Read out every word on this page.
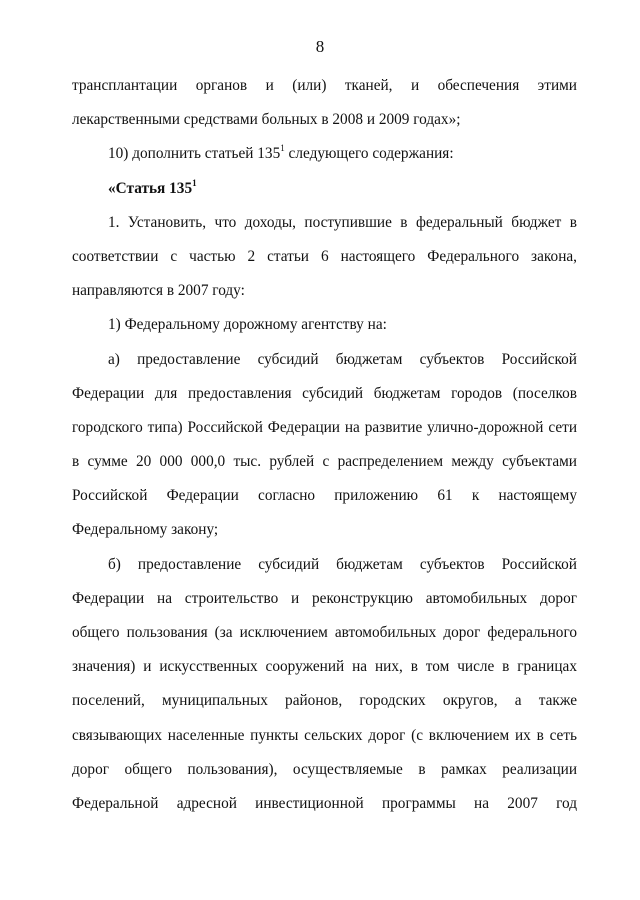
8
трансплантации органов и (или) тканей, и обеспечения этими
лекарственными средствами больных в 2008 и 2009 годах»;
10) дополнить статьей $135^1$ следующего содержания:
«Статья $135^1$
1. Установить, что доходы, поступившие в федеральный бюджет в
соответствии с частью 2 статьи 6 настоящего Федерального закона,
направляются в 2007 году:
1) Федеральному дорожному агентству на:
а) предоставление субсидий бюджетам субъектов Российской
Федерации для предоставления субсидий бюджетам городов (поселков
городского типа) Российской Федерации на развитие улично-дорожной сети
в сумме 20 000 000,0 тыс. рублей с распределением между субъектами
Российской Федерации согласно приложению 61 к настоящему
Федеральному закону;
б) предоставление субсидий бюджетам субъектов Российской
Федерации на строительство и реконструкцию автомобильных дорог
общего пользования (за исключением автомобильных дорог федерального
значения) и искусственных сооружений на них, в том числе в границах
поселений, муниципальных районов, городских округов, а также
связывающих населенные пункты сельских дорог (с включением их в сеть
дорог общего пользования), осуществляемые в рамках реализации
Федеральной адресной инвестиционной программы на 2007 год
